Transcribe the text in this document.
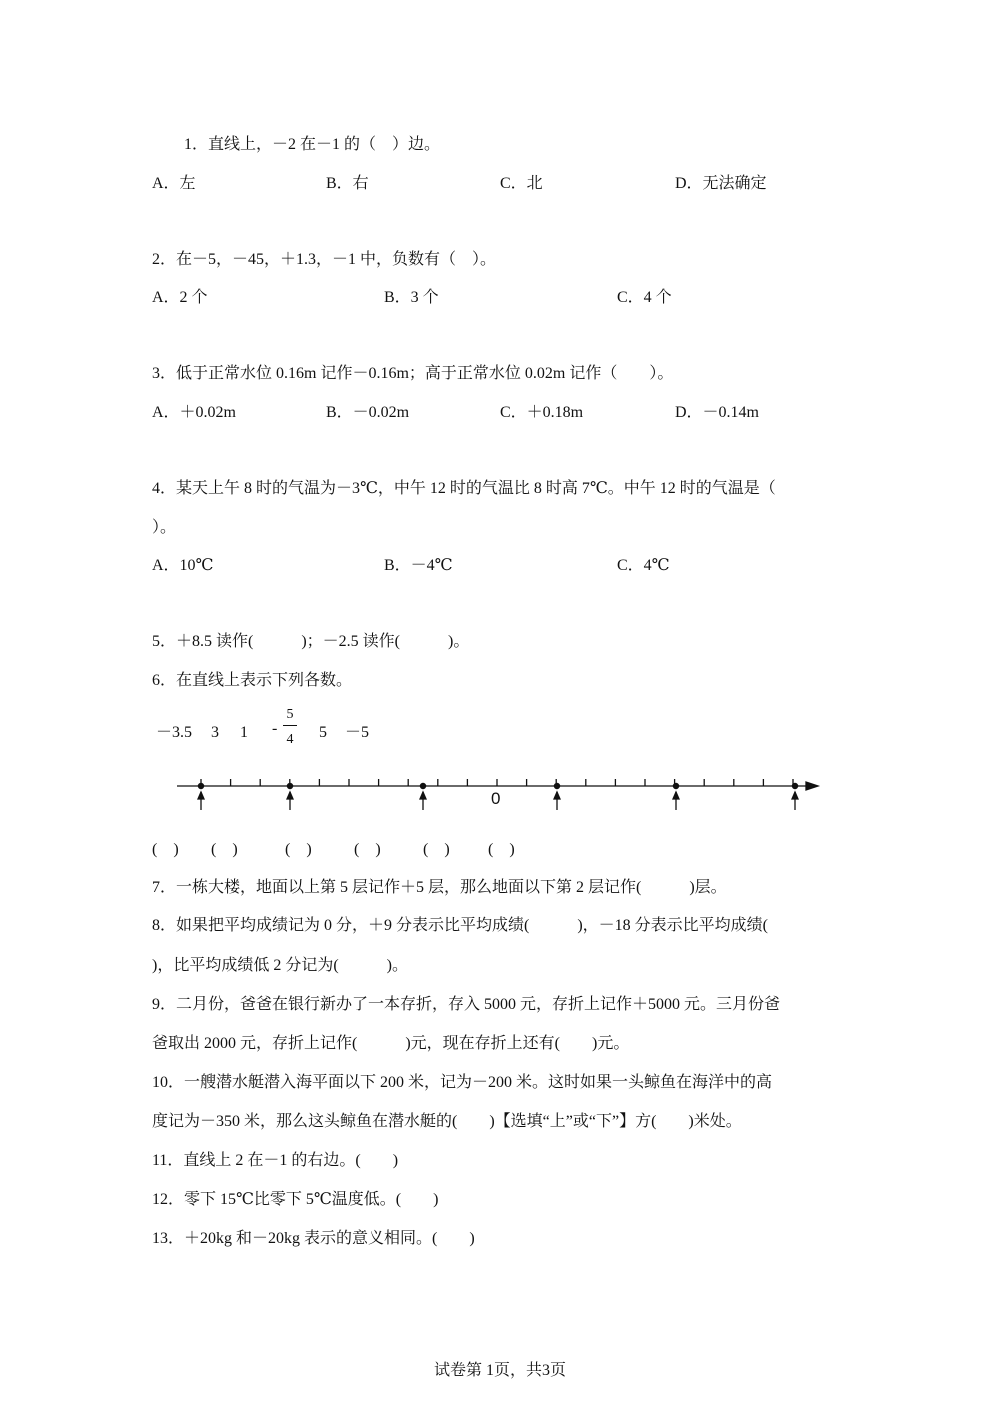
1．直线上，－2 在－1 的（　）边。
A．左	B．右	C．北	D．无法确定
2．在－5，－45，＋1.3，－1 中，负数有（　）。
A．2 个	B．3 个	C．4 个
3．低于正常水位 0.16m 记作－0.16m；高于正常水位 0.02m 记作（　　）。
A．＋0.02m	B．－0.02m	C．＋0.18m	D．－0.14m
4．某天上午 8 时的气温为－3℃，中午 12 时的气温比 8 时高 7℃。中午 12 时的气温是（
）。
A．10℃	B．－4℃	C．4℃
5．＋8.5 读作(　　　)；－2.5 读作(　　　)。
6．在直线上表示下列各数。
－3.5 3 1 -
5
4 5 －5
0
(　) (　)	(　)	(　)	(　) (　)
7．一栋大楼，地面以上第 5 层记作＋5 层，那么地面以下第 2 层记作(　　　)层。
8．如果把平均成绩记为 0 分，＋9 分表示比平均成绩(　　　)，－18 分表示比平均成绩(
)，比平均成绩低 2 分记为(　　　)。
9．二月份，爸爸在银行新办了一本存折，存入 5000 元，存折上记作＋5000 元。三月份爸
爸取出 2000 元，存折上记作(　　　)元，现在存折上还有(　　)元。
10．一艘潜水艇潜入海平面以下 200 米，记为－200 米。这时如果一头鲸鱼在海洋中的高
度记为－350 米，那么这头鲸鱼在潜水艇的(　　)【选填“上”或“下”】方(　　)米处。
11．直线上 2 在－1 的右边。(　　)
12．零下 15℃比零下 5℃温度低。(　　)
13．＋20kg 和－20kg 表示的意义相同。(　　)
试卷第 1页，共3页
